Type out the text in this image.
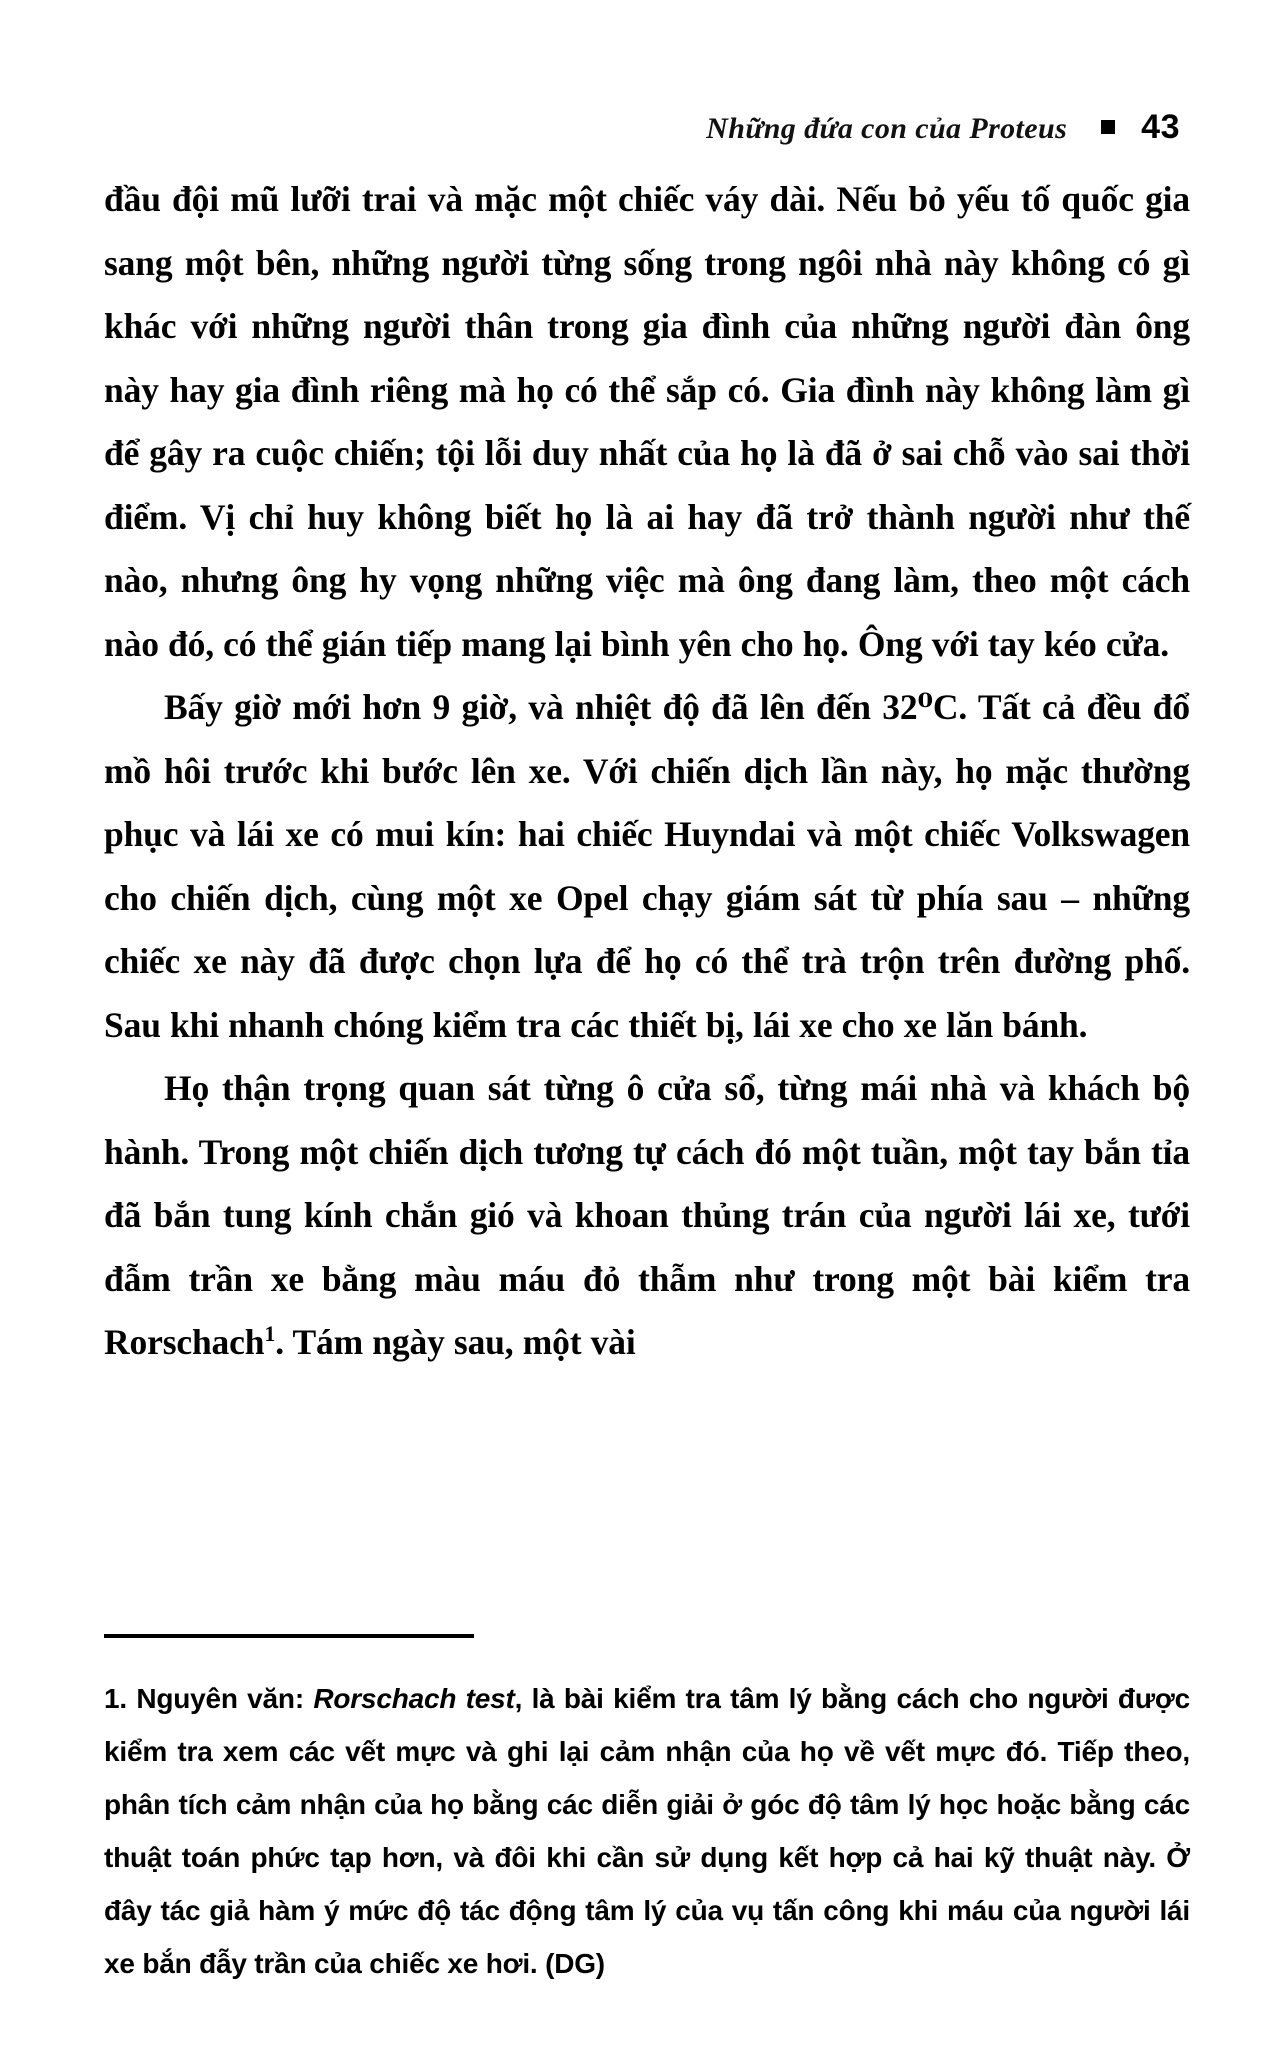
Những đứa con của Proteus 43

đầu đội mũ lưỡi trai và mặc một chiếc váy dài. Nếu bỏ yếu tố quốc gia sang một bên, những người từng sống trong ngôi nhà này không có gì khác với những người thân trong gia đình của những người đàn ông này hay gia đình riêng mà họ có thể sắp có. Gia đình này không làm gì để gây ra cuộc chiến; tội lỗi duy nhất của họ là đã ở sai chỗ vào sai thời điểm. Vị chỉ huy không biết họ là ai hay đã trở thành người như thế nào, nhưng ông hy vọng những việc mà ông đang làm, theo một cách nào đó, có thể gián tiếp mang lại bình yên cho họ. Ông với tay kéo cửa.

Bấy giờ mới hơn 9 giờ, và nhiệt độ đã lên đến 32⁰C. Tất cả đều đổ mồ hôi trước khi bước lên xe. Với chiến dịch lần này, họ mặc thường phục và lái xe có mui kín: hai chiếc Huyndai và một chiếc Volkswagen cho chiến dịch, cùng một xe Opel chạy giám sát từ phía sau – những chiếc xe này đã được chọn lựa để họ có thể trà trộn trên đường phố. Sau khi nhanh chóng kiểm tra các thiết bị, lái xe cho xe lăn bánh.

Họ thận trọng quan sát từng ô cửa sổ, từng mái nhà và khách bộ hành. Trong một chiến dịch tương tự cách đó một tuần, một tay bắn tỉa đã bắn tung kính chắn gió và khoan thủng trán của người lái xe, tưới đẫm trần xe bằng màu máu đỏ thẫm như trong một bài kiểm tra Rorschach$^1$. Tám ngày sau, một vài

1. Nguyên văn: Rorschach test, là bài kiểm tra tâm lý bằng cách cho người được kiểm tra xem các vết mực và ghi lại cảm nhận của họ về vết mực đó. Tiếp theo, phân tích cảm nhận của họ bằng các diễn giải ở góc độ tâm lý học hoặc bằng các thuật toán phức tạp hơn, và đôi khi cần sử dụng kết hợp cả hai kỹ thuật này. Ở đây tác giả hàm ý mức độ tác động tâm lý của vụ tấn công khi máu của người lái xe bắn đẫy trần của chiếc xe hơi. (DG)
